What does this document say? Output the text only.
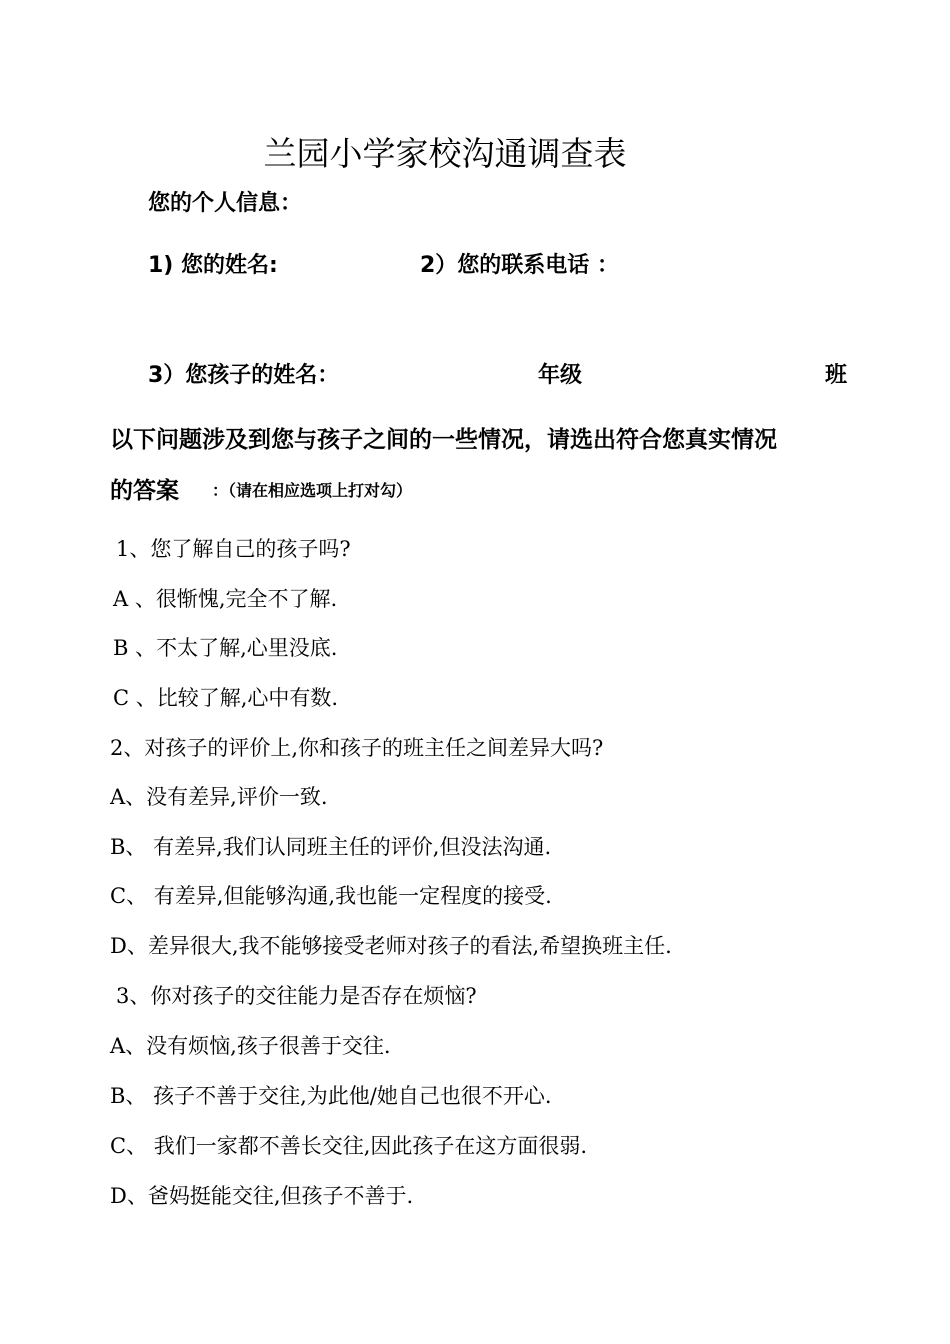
兰园小学家校沟通调查表
您的个人信息：
1) 您的姓名:	2）您的联系电话 ：
3）您孩子的姓名：	年级	班
以下问题涉及到您与孩子之间的一些情况，请选出符合您真实情况
的答案 ：（请在相应选项上打对勾）
1、您了解自己的孩子吗?
A 、很惭愧,完全不了解.
B 、不太了解,心里没底.
C 、比较了解,心中有数.
2、对孩子的评价上,你和孩子的班主任之间差异大吗?
A、没有差异,评价一致.
B、 有差异,我们认同班主任的评价,但没法沟通.
C、 有差异,但能够沟通,我也能一定程度的接受.
D、差异很大,我不能够接受老师对孩子的看法,希望换班主任.
3、你对孩子的交往能力是否存在烦恼?
A、没有烦恼,孩子很善于交往.
B、 孩子不善于交往,为此他/她自己也很不开心.
C、 我们一家都不善长交往,因此孩子在这方面很弱.
D、爸妈挺能交往,但孩子不善于.
